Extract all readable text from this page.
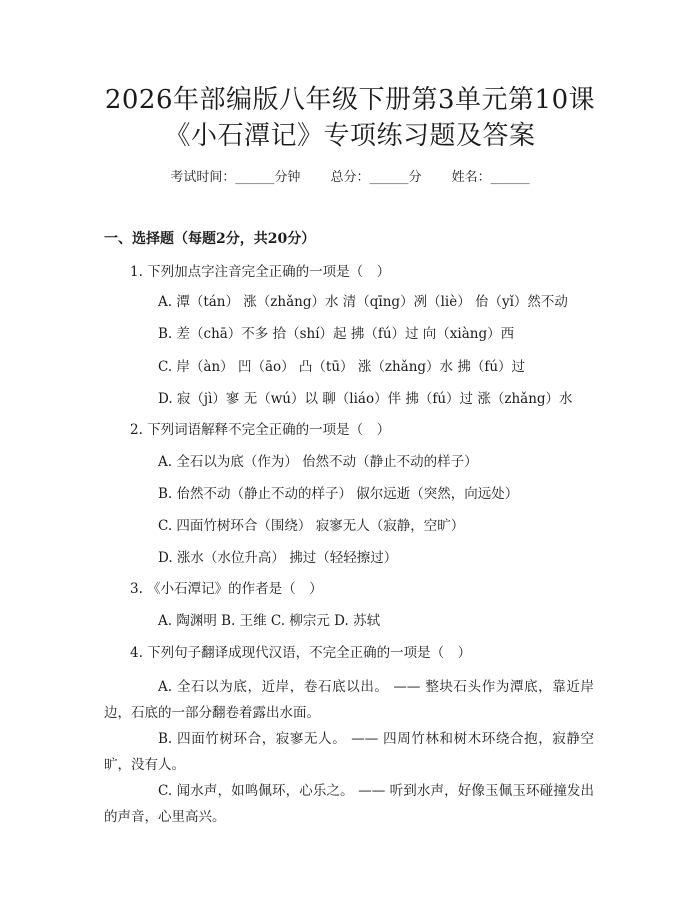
2026年部编版八年级下册第3单元第10课
《小石潭记》专项练习题及答案
考试时间：______分钟 总分：______分 姓名：______
一、选择题（每题2分，共20分）
1. 下列加点字注音完全正确的一项是（　）
A. 潭（tán） 涨（zhǎng）水 清（qīng）冽（liè） 佁（yǐ）然不动
B. 差（chā）不多 拾（shí）起 拂（fú）过 向（xiàng）西
C. 岸（àn） 凹（āo） 凸（tū） 涨（zhǎng）水 拂（fú）过
D. 寂（jì）寥 无（wú）以 聊（liáo）伴 拂（fú）过 涨（zhǎng）水
2. 下列词语解释不完全正确的一项是（　）
A. 全石以为底（作为） 佁然不动（静止不动的样子）
B. 佁然不动（静止不动的样子） 俶尔远逝（突然，向远处）
C. 四面竹树环合（围绕） 寂寥无人（寂静，空旷）
D. 涨水（水位升高） 拂过（轻轻擦过）
3. 《小石潭记》的作者是（　）
A. 陶渊明 B. 王维 C. 柳宗元 D. 苏轼
4. 下列句子翻译成现代汉语，不完全正确的一项是（　）
A. 全石以为底，近岸，卷石底以出。 —— 整块石头作为潭底，靠近岸边，石底的一部分翻卷着露出水面。
B. 四面竹树环合，寂寥无人。 —— 四周竹林和树木环绕合抱，寂静空旷，没有人。
C. 闻水声，如鸣佩环，心乐之。 —— 听到水声，好像玉佩玉环碰撞发出的声音，心里高兴。
